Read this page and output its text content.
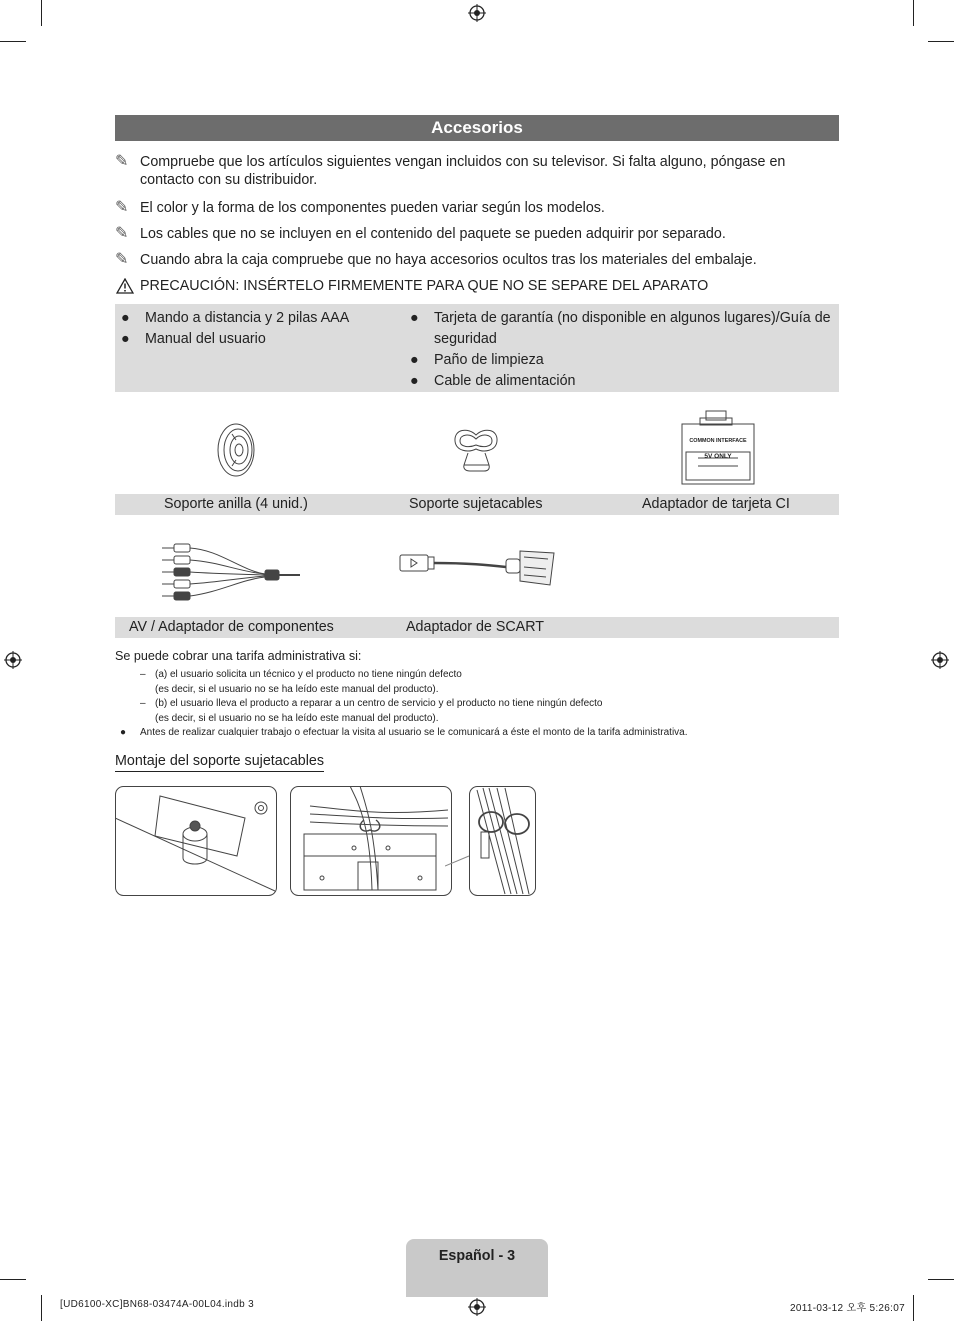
Accesorios
✎ Compruebe que los artículos siguientes vengan incluidos con su televisor. Si falta alguno, póngase en contacto con su distribuidor.
✎ El color y la forma de los componentes pueden variar según los modelos.
✎ Los cables que no se incluyen en el contenido del paquete se pueden adquirir por separado.
✎ Cuando abra la caja compruebe que no haya accesorios ocultos tras los materiales del embalaje.
PRECAUCIÓN: INSÉRTELO FIRMEMENTE PARA QUE NO SE SEPARE DEL APARATO
● Mando a distancia y 2 pilas AAA
● Manual del usuario
● Tarjeta de garantía (no disponible en algunos lugares)/Guía de seguridad
● Paño de limpieza
● Cable de alimentación
COMMON INTERFACE
5V ONLY
Soporte anilla (4 unid.)	Soporte sujetacables	Adaptador de tarjeta CI
AV / Adaptador de componentes	Adaptador de SCART
Se puede cobrar una tarifa administrativa si:
– (a) el usuario solicita un técnico y el producto no tiene ningún defecto
(es decir, si el usuario no se ha leído este manual del producto).
– (b) el usuario lleva el producto a reparar a un centro de servicio y el producto no tiene ningún defecto
(es decir, si el usuario no se ha leído este manual del producto).
● Antes de realizar cualquier trabajo o efectuar la visita al usuario se le comunicará a éste el monto de la tarifa administrativa.
Montaje del soporte sujetacables
Español - 3
[UD6100-XC]BN68-03474A-00L04.indb 3	2011-03-12 오후 5:26:07
